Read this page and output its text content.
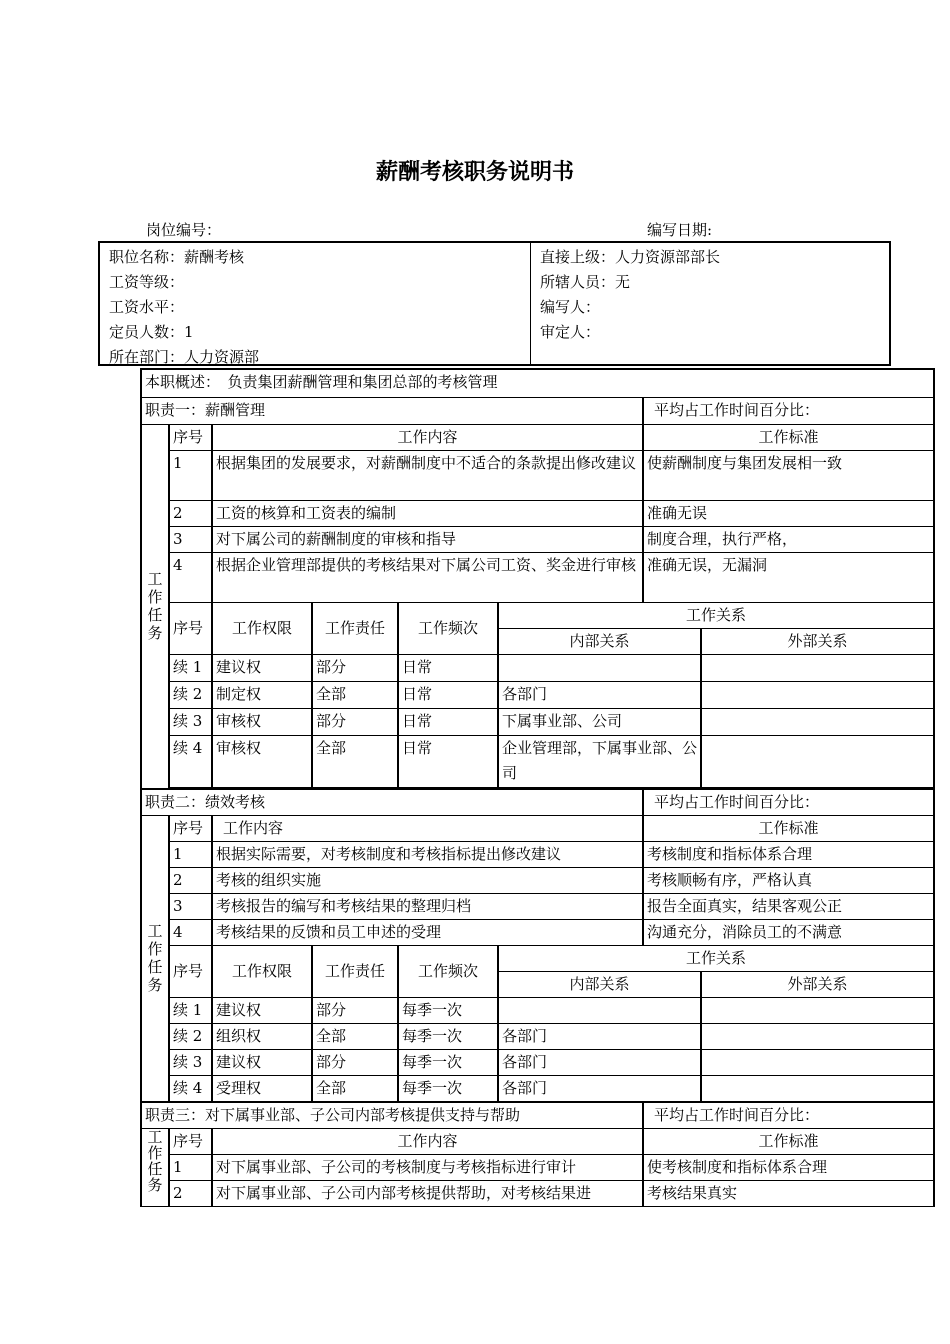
薪酬考核职务说明书
岗位编号：	编写日期:
职位名称：薪酬考核
工资等级：
工资水平：
定员人数：1
所在部门：人力资源部
直接上级：人力资源部部长
所辖人员：无
编写人：
审定人：
本职概述：　负责集团薪酬管理和集团总部的考核管理							
职责一：薪酬管理						平均占工作时间百分比：	
工作任务	序号	工作内容				工作标准	
	1	根据集团的发展要求，对薪酬制度中不适合的条款提出修改建议				使薪酬制度与集团发展相一致	
	2	工资的核算和工资表的编制				准确无误	
	3	对下属公司的薪酬制度的审核和指导				制度合理，执行严格，	
	4	根据企业管理部提供的考核结果对下属公司工资、奖金进行审核				准确无误，无漏洞	
	序号	工作权限	工作责任	工作频次	工作关系		
					内部关系		外部关系
	续 1	建议权	部分	日常			
	续 2	制定权	全部	日常	各部门		
	续 3	审核权	部分	日常	下属事业部、公司		
	续 4	审核权	全部	日常	企业管理部，下属事业部、公司		

职责二：绩效考核						平均占工作时间百分比：	
工作任务	序号	工作内容				工作标准	
	1	根据实际需要，对考核制度和考核指标提出修改建议				考核制度和指标体系合理	
	2	考核的组织实施				考核顺畅有序，严格认真	
	3	考核报告的编写和考核结果的整理归档				报告全面真实，结果客观公正	
	4	考核结果的反馈和员工申述的受理				沟通充分，消除员工的不满意	
	序号	工作权限	工作责任	工作频次	工作关系		
					内部关系		外部关系
	续 1	建议权	部分	每季一次			
	续 2	组织权	全部	每季一次	各部门		
	续 3	建议权	部分	每季一次	各部门		
	续 4	受理权	全部	每季一次	各部门		
职责三：对下属事业部、子公司内部考核提供支持与帮助						平均占工作时间百分比：	
工作任务	序号	工作内容				工作标准	
	1	对下属事业部、子公司的考核制度与考核指标进行审计				使考核制度和指标体系合理	
	2	对下属事业部、子公司内部考核提供帮助，对考核结果进				考核结果真实	
